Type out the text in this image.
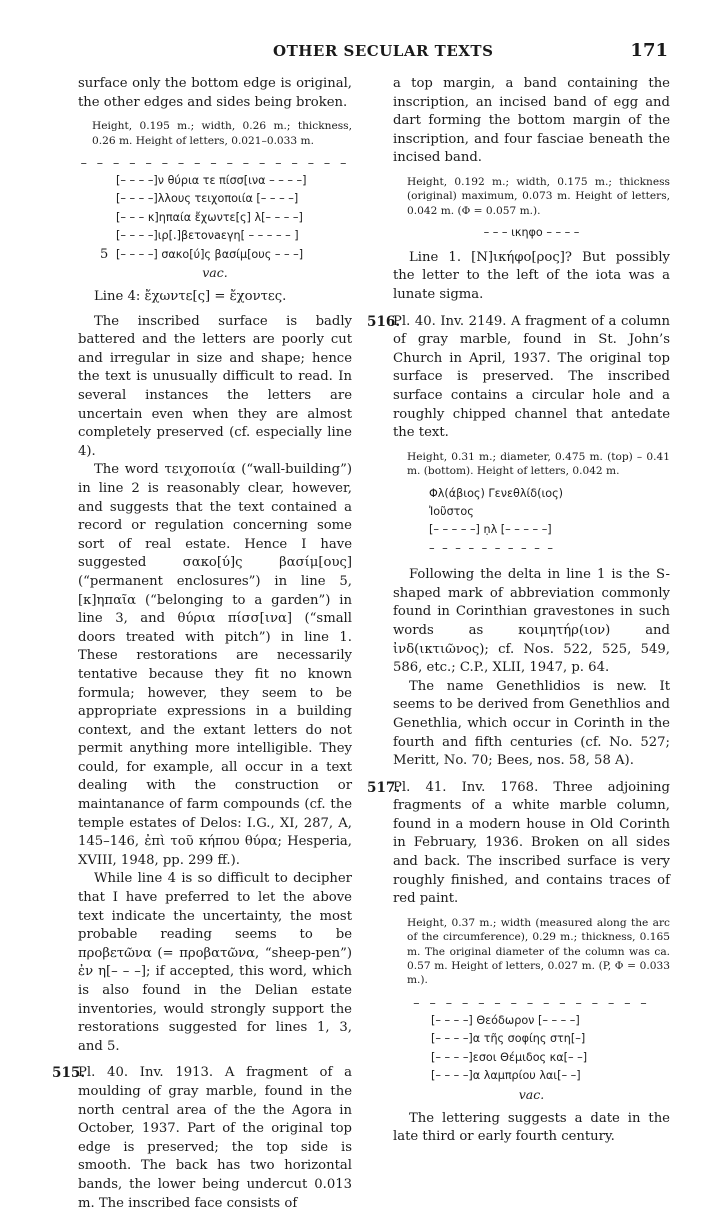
OTHER SECULAR TEXTS	171

surface only the bottom edge is original, the other edges and sides being broken.

Height, 0.195 m.; width, 0.26 m.; thickness, 0.26 m. Height of letters, 0.021–0.033 m.

– – – – – – – – – – – – – – – – –
[– – – –]ν θύρια τε πίσσ[ινα – – – –]
[– – – –]λλους τειχοποιία [– – – –]
[– – – κ]ηπαία ἔχωντε[ς] λ[– – – –]
[– – – –]ιρ[.]βετονaεγη[ – – – – – ]
5 [– – – –] σακο[ύ]ς βασίμ[ους – – –]
vac.

Line 4: ἔχωντε[ς] = ἔχοντες.

The inscribed surface is badly battered and the letters are poorly cut and irregular in size and shape; hence the text is unusually difficult to read. In several instances the letters are uncertain even when they are almost completely preserved (cf. especially line 4).

The word τειχοποιία (“wall-building”) in line 2 is reasonably clear, however, and suggests that the text contained a record or regulation concerning some sort of real estate. Hence I have suggested σακο[ύ]ς βασίμ[ους] (“permanent enclosures”) in line 5, [κ]ηπαῖα (“belonging to a garden”) in line 3, and θύρια πίσσ[ινα] (“small doors treated with pitch”) in line 1. These restorations are necessarily tentative because they fit no known formula; however, they seem to be appropriate expressions in a building context, and the extant letters do not permit anything more intelligible. They could, for example, all occur in a text dealing with the construction or maintanance of farm compounds (cf. the temple estates of Delos: I.G., XI, 287, A, 145–146, ἐπὶ τοῦ κήπου θύρα; Hesperia, XVIII, 1948, pp. 299 ff.).

While line 4 is so difficult to decipher that I have preferred to let the above text indicate the uncertainty, the most probable reading seems to be προβετῶνα (= προβατῶνα, “sheep-pen”) ἐν η[– – –]; if accepted, this word, which is also found in the Delian estate inventories, would strongly support the restorations suggested for lines 1, 3, and 5.

515.
Pl. 40. Inv. 1913. A fragment of a moulding of gray marble, found in the north central area of the the Agora in October, 1937. Part of the original top edge is preserved; the top side is smooth. The back has two horizontal bands, the lower being undercut 0.013 m. The inscribed face consists of

a top margin, a band containing the inscription, an incised band of egg and dart forming the bottom margin of the inscription, and four fasciae beneath the incised band.

Height, 0.192 m.; width, 0.175 m.; thickness (original) maximum, 0.073 m. Height of letters, 0.042 m. (Φ = 0.057 m.).

– – – ικηφο – – – –

Line 1. [Ν]ικήφο[ρος]? But possibly the letter to the left of the iota was a lunate sigma.

516.
Pl. 40. Inv. 2149. A fragment of a column of gray marble, found in St. John’s Church in April, 1937. The original top surface is preserved. The inscribed surface contains a circular hole and a roughly chipped channel that antedate the text.

Height, 0.31 m.; diameter, 0.475 m. (top) – 0.41 m. (bottom). Height of letters, 0.042 m.

Φλ(άβιος) Γενεθλίδ(ιος)
Ἰοῦστος
[– – – – –] ṇλ [– – – – –]
– – – – – – – – – –

Following the delta in line 1 is the S-shaped mark of abbreviation commonly found in Corinthian gravestones in such words as κοιμητήρ(ιον) and ἰνδ(ικτιῶνος); cf. Nos. 522, 525, 549, 586, etc.; C.P., XLII, 1947, p. 64.

The name Genethlidios is new. It seems to be derived from Genethlios and Genethlia, which occur in Corinth in the fourth and fifth centuries (cf. No. 527; Meritt, No. 70; Bees, nos. 58, 58 A).

517.
Pl. 41. Inv. 1768. Three adjoining fragments of a white marble column, found in a modern house in Old Corinth in February, 1936. Broken on all sides and back. The inscribed surface is very roughly finished, and contains traces of red paint.

Height, 0.37 m.; width (measured along the arc of the circumference), 0.29 m.; thickness, 0.165 m. The original diameter of the column was ca. 0.57 m. Height of letters, 0.027 m. (P, Φ = 0.033 m.).

– – – – – – – – – – – – – – –
[– – – –] Θεόδωρον [– – – –]
[– – – –]α τῆς σοφίης στη[–]
[– – – –]εσοι Θέμιδος κα[– –]
[– – – –]α λαμπρίου λαι[– –]
vac.

The lettering suggests a date in the late third or early fourth century.
